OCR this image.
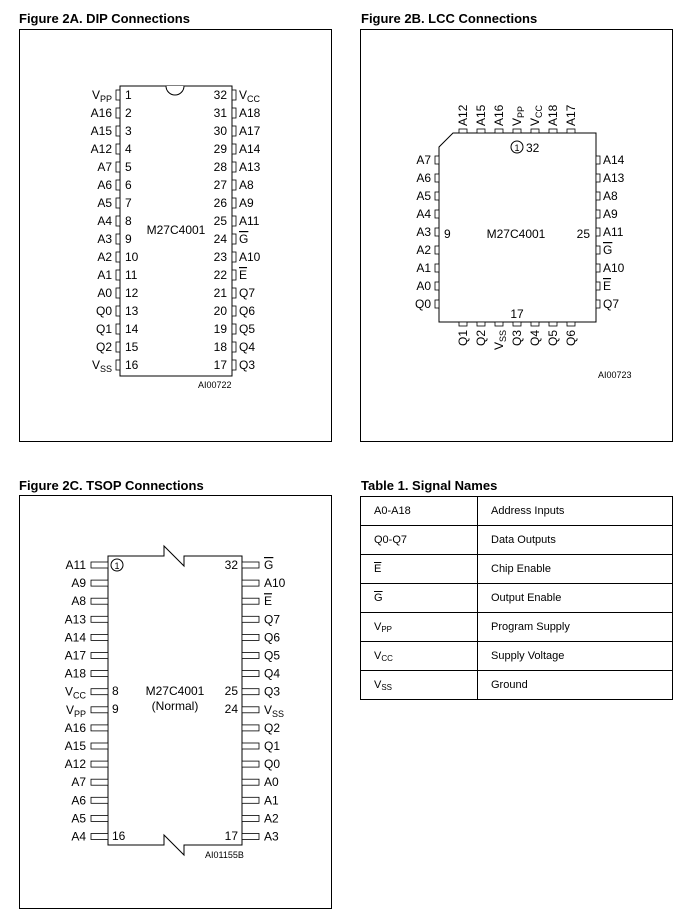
Figure 2A. DIP Connections	Figure 2B. LCC Connections
Figure 2C. TSOP Connections	Table 1. Signal Names
$V_{PP}$ 1
A16 2
A15 3
A12 4
A7 5
A6 6
A5 7
A4 8
A3 9
A2 10
A1 11
A0 12
Q0 13
Q1 14
Q2 15
$V_{SS}$ 16
$V_{CC}$
32
A18
31
A17
30
A14
29
A13
28
A8
27
A9
26
A11
25
G
24
A10
23
E
22
Q7
21
Q6
20
Q5
19
Q4
18
Q3
17
M27C4001
AI00722
A12 A15 A16 $V_{PP}$
$V_{CC}$ A18 A17
Q1 Q2
$V_{SS}$ Q3 Q4 Q5 Q6
A7
A6
A5
A4
A3
A2
A1
A0
Q0
A14
A13
A8
A9
A11
G
A10
E
Q7
1 32
9	25
17
M27C4001
AI00723
A11
A9
A8
A13
A14
A17
A18
$V_{CC}$
$V_{PP}$
A16
A15
A12
A7
A6
A5
A4
G
A10
E
Q7
Q6
Q5
Q4
Q3
$V_{SS}$
Q2
Q1
Q0
A0
A1
A2
A3
1
8
9
16	17
24
25
32
M27C4001
(Normal)
AI01155B
A0-A18	Address Inputs
Q0-Q7	Data Outputs
$\overline{E}$	Chip Enable
$\overline{G}$	Output Enable
VPP	Program Supply
VCC	Supply Voltage
VSS	Ground
